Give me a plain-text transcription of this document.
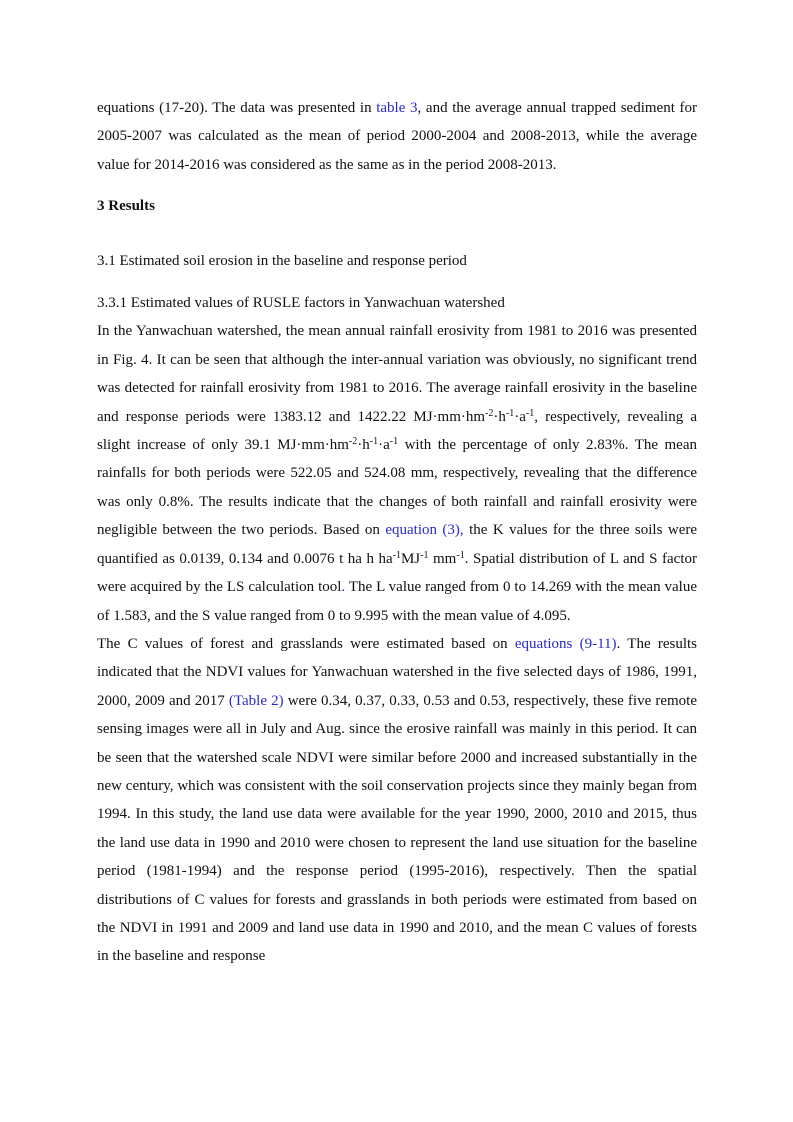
equations (17-20). The data was presented in table 3, and the average annual trapped sediment for 2005-2007 was calculated as the mean of period 2000-2004 and 2008-2013, while the average value for 2014-2016 was considered as the same as in the period 2008-2013.

3 Results
3.1 Estimated soil erosion in the baseline and response period
3.3.1 Estimated values of RUSLE factors in Yanwachuan watershed

In the Yanwachuan watershed, the mean annual rainfall erosivity from 1981 to 2016 was presented in Fig. 4. It can be seen that although the inter-annual variation was obviously, no significant trend was detected for rainfall erosivity from 1981 to 2016. The average rainfall erosivity in the baseline and response periods were 1383.12 and 1422.22 $MJ\cdot mm\cdot hm^{-2}\cdot h^{-1}\cdot a^{-1}$, respectively, revealing a slight increase of only 39.1 $MJ\cdot mm\cdot hm^{-2}\cdot h^{-1}\cdot a^{-1}$ with the percentage of only 2.83%. The mean rainfalls for both periods were 522.05 and 524.08 mm, respectively, revealing that the difference was only 0.8%. The results indicate that the changes of both rainfall and rainfall erosivity were negligible between the two periods. Based on equation (3), the K values for the three soils were quantified as 0.0139, 0.134 and 0.0076 t ha h $ha^{-1}MJ^{-1}$ $mm^{-1}$. Spatial distribution of L and S factor were acquired by the LS calculation tool. The L value ranged from 0 to 14.269 with the mean value of 1.583, and the S value ranged from 0 to 9.995 with the mean value of 4.095.

The C values of forest and grasslands were estimated based on equations (9-11). The results indicated that the NDVI values for Yanwachuan watershed in the five selected days of 1986, 1991, 2000, 2009 and 2017 (Table 2) were 0.34, 0.37, 0.33, 0.53 and 0.53, respectively, these five remote sensing images were all in July and Aug. since the erosive rainfall was mainly in this period. It can be seen that the watershed scale NDVI were similar before 2000 and increased substantially in the new century, which was consistent with the soil conservation projects since they mainly began from 1994. In this study, the land use data were available for the year 1990, 2000, 2010 and 2015, thus the land use data in 1990 and 2010 were chosen to represent the land use situation for the baseline period (1981-1994) and the response period (1995-2016), respectively. Then the spatial distributions of C values for forests and grasslands in both periods were estimated from based on the NDVI in 1991 and 2009 and land use data in 1990 and 2010, and the mean C values of forests in the baseline and response
